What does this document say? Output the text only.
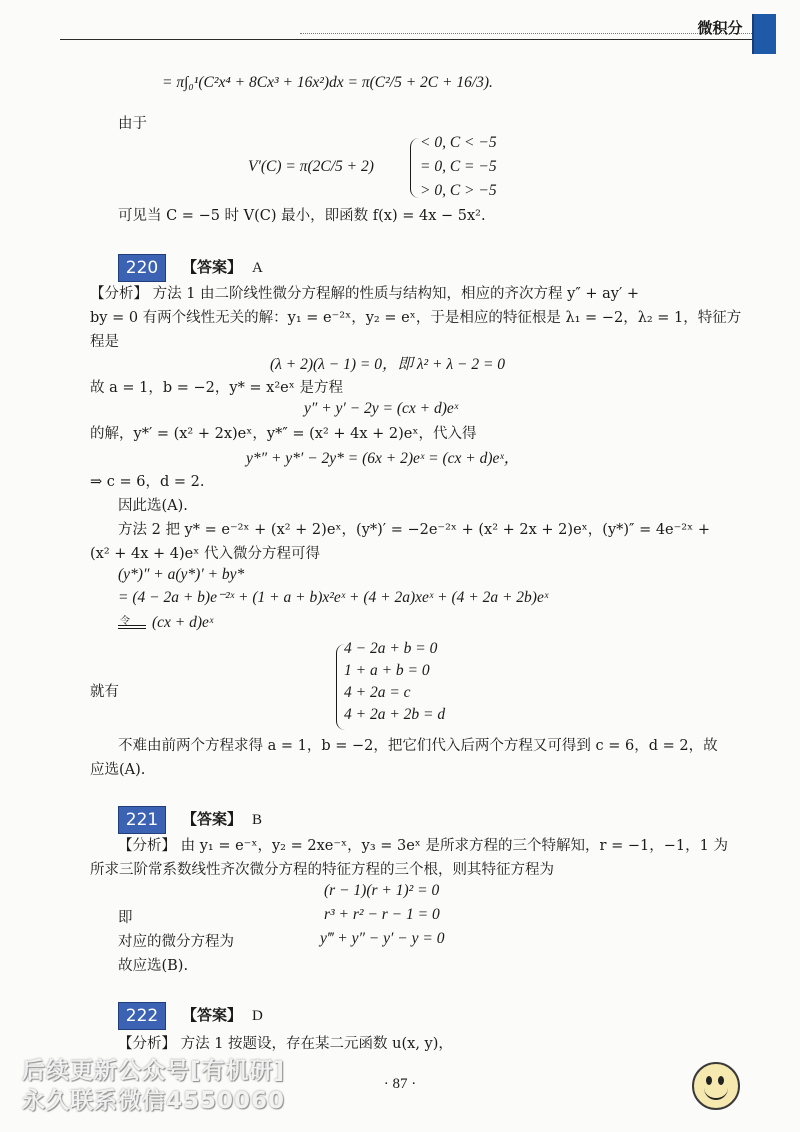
微积分
= π∫₀¹(C²x⁴ + 8Cx³ + 16x²)dx = π(C²/5 + 2C + 16/3).
由于
V′(C) = π(2C/5 + 2)
< 0, C < −5
= 0, C = −5
> 0, C > −5
可见当 C = −5 时 V(C) 最小，即函数 f(x) = 4x − 5x².
220	【答案】 A
【分析】 方法 1 由二阶线性微分方程解的性质与结构知，相应的齐次方程 y″ + ay′ +
by = 0 有两个线性无关的解：y₁ = e⁻²ˣ，y₂ = eˣ，于是相应的特征根是 λ₁ = −2，λ₂ = 1，特征方
程是
(λ + 2)(λ − 1) = 0，即 λ² + λ − 2 = 0
故 a = 1，b = −2，y* = x²eˣ 是方程
y″ + y′ − 2y = (cx + d)eˣ
的解，y*′ = (x² + 2x)eˣ，y*″ = (x² + 4x + 2)eˣ，代入得
y*″ + y*′ − 2y* = (6x + 2)eˣ = (cx + d)eˣ，
⇒ c = 6，d = 2.
因此选(A).
方法 2 把 y* = e⁻²ˣ + (x² + 2)eˣ，(y*)′ = −2e⁻²ˣ + (x² + 2x + 2)eˣ，(y*)″ = 4e⁻²ˣ +
(x² + 4x + 4)eˣ 代入微分方程可得
(y*)″ + a(y*)′ + by*
= (4 − 2a + b)e⁻²ˣ + (1 + a + b)x²eˣ + (4 + 2a)xeˣ + (4 + 2a + 2b)eˣ
令 (cx + d)eˣ
4 − 2a + b = 0
1 + a + b = 0
4 + 2a = c
4 + 2a + 2b = d
就有
不难由前两个方程求得 a = 1，b = −2，把它们代入后两个方程又可得到 c = 6，d = 2，故
应选(A).
221	【答案】 B
【分析】 由 y₁ = e⁻ˣ，y₂ = 2xe⁻ˣ，y₃ = 3eˣ 是所求方程的三个特解知，r = −1，−1，1 为
所求三阶常系数线性齐次微分方程的特征方程的三个根，则其特征方程为
(r − 1)(r + 1)² = 0
即	r³ + r² − r − 1 = 0
对应的微分方程为	y‴ + y″ − y′ − y = 0
故应选(B).
222	【答案】 D
【分析】 方法 1 按题设，存在某二元函数 u(x, y)，
后续更新公众号[有机研]
永久联系微信4550060
· 87 ·
